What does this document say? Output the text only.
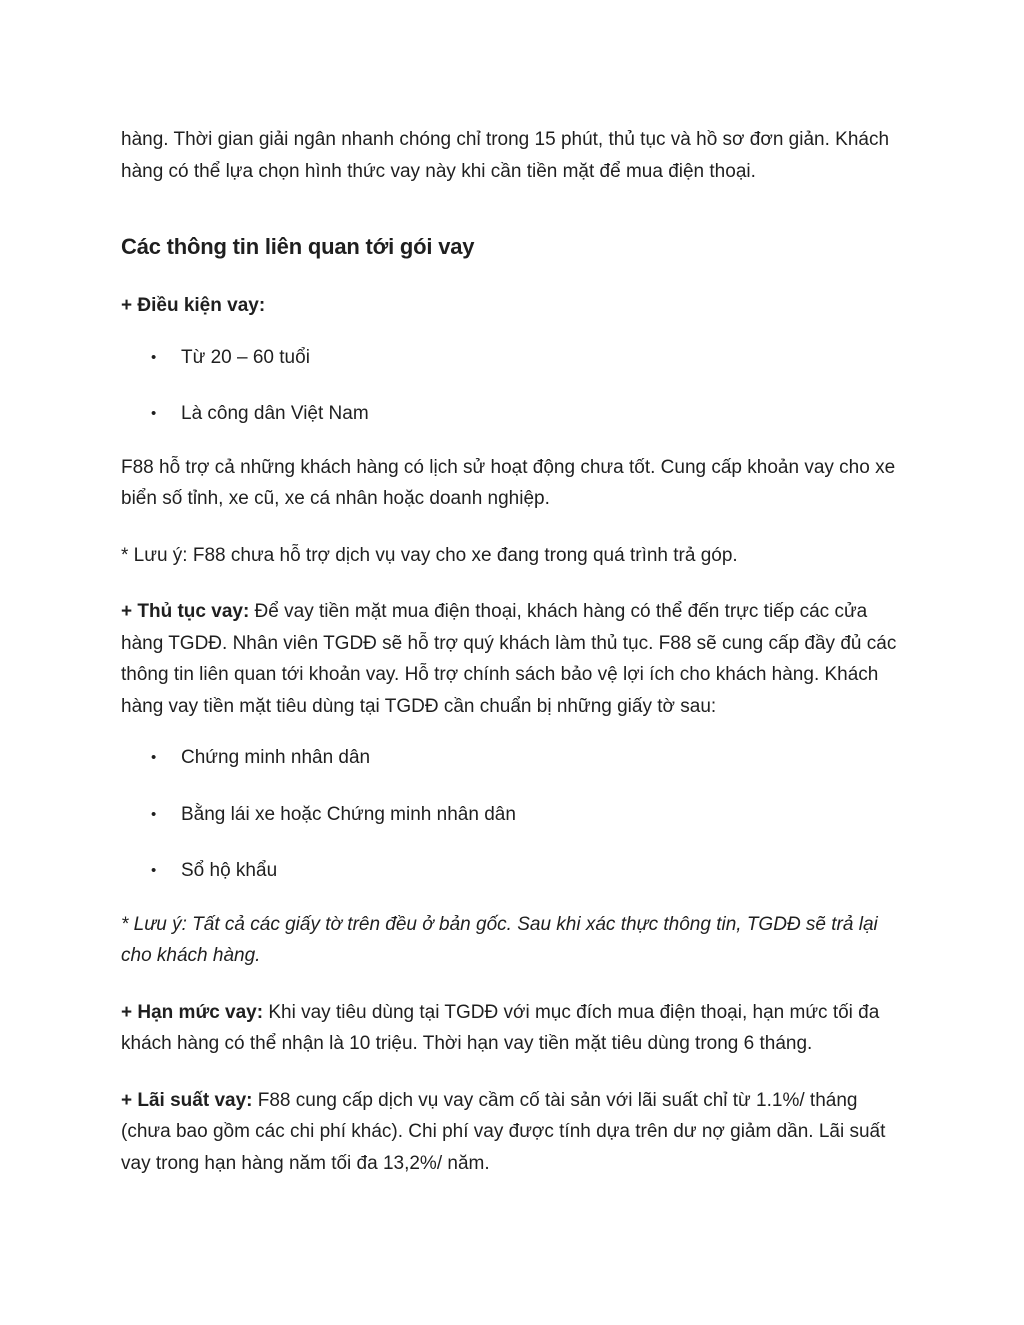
hàng. Thời gian giải ngân nhanh chóng chỉ trong 15 phút, thủ tục và hồ sơ đơn giản. Khách hàng có thể lựa chọn hình thức vay này khi cần tiền mặt để mua điện thoại.

Các thông tin liên quan tới gói vay

+ Điều kiện vay:

• Từ 20 – 60 tuổi
• Là công dân Việt Nam

F88 hỗ trợ cả những khách hàng có lịch sử hoạt động chưa tốt. Cung cấp khoản vay cho xe biển số tỉnh, xe cũ, xe cá nhân hoặc doanh nghiệp.

* Lưu ý: F88 chưa hỗ trợ dịch vụ vay cho xe đang trong quá trình trả góp.

+ Thủ tục vay: Để vay tiền mặt mua điện thoại, khách hàng có thể đến trực tiếp các cửa hàng TGDĐ. Nhân viên TGDĐ sẽ hỗ trợ quý khách làm thủ tục. F88 sẽ cung cấp đầy đủ các thông tin liên quan tới khoản vay. Hỗ trợ chính sách bảo vệ lợi ích cho khách hàng. Khách hàng vay tiền mặt tiêu dùng tại TGDĐ cần chuẩn bị những giấy tờ sau:

• Chứng minh nhân dân
• Bằng lái xe hoặc Chứng minh nhân dân
• Sổ hộ khẩu

* Lưu ý: Tất cả các giấy tờ trên đều ở bản gốc. Sau khi xác thực thông tin, TGDĐ sẽ trả lại cho khách hàng.

+ Hạn mức vay: Khi vay tiêu dùng tại TGDĐ với mục đích mua điện thoại, hạn mức tối đa khách hàng có thể nhận là 10 triệu. Thời hạn vay tiền mặt tiêu dùng trong 6 tháng.

+ Lãi suất vay: F88 cung cấp dịch vụ vay cầm cố tài sản với lãi suất chỉ từ 1.1%/ tháng (chưa bao gồm các chi phí khác). Chi phí vay được tính dựa trên dư nợ giảm dần. Lãi suất vay trong hạn hàng năm tối đa 13,2%/ năm.
